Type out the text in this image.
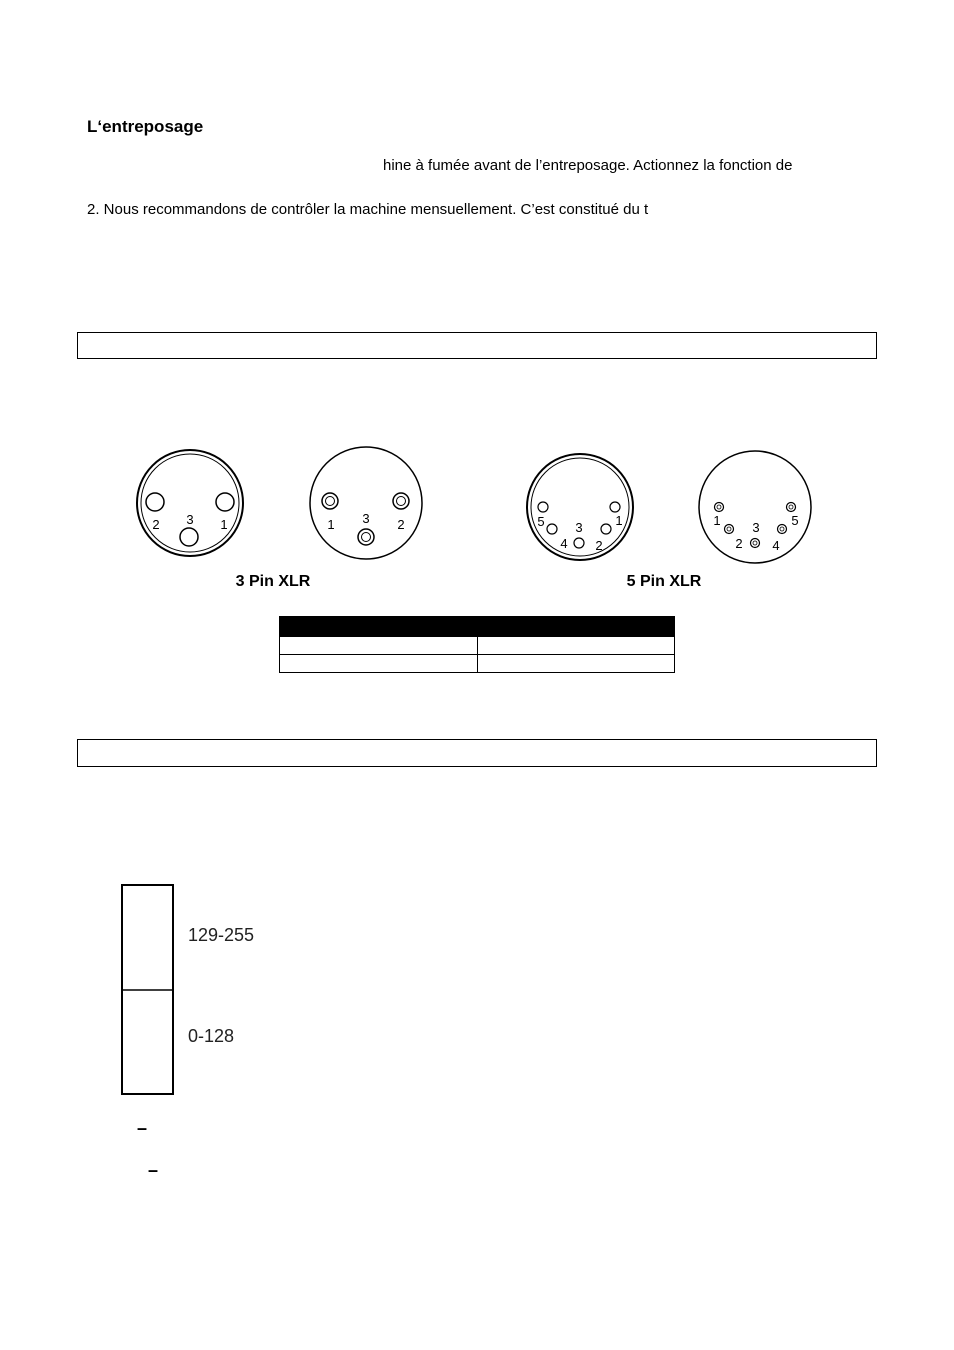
L‘entreposage
hine à fumée avant de l’entreposage. Actionnez la fonction de
2. Nous recommandons de contrôler la machine mensuellement. C’est constitué du t
2 3 1	1 3 2
3 Pin XLR
5
4
3
2
1	1
2
3
4
5
5 Pin XLR

129-255
0-128
–
–
